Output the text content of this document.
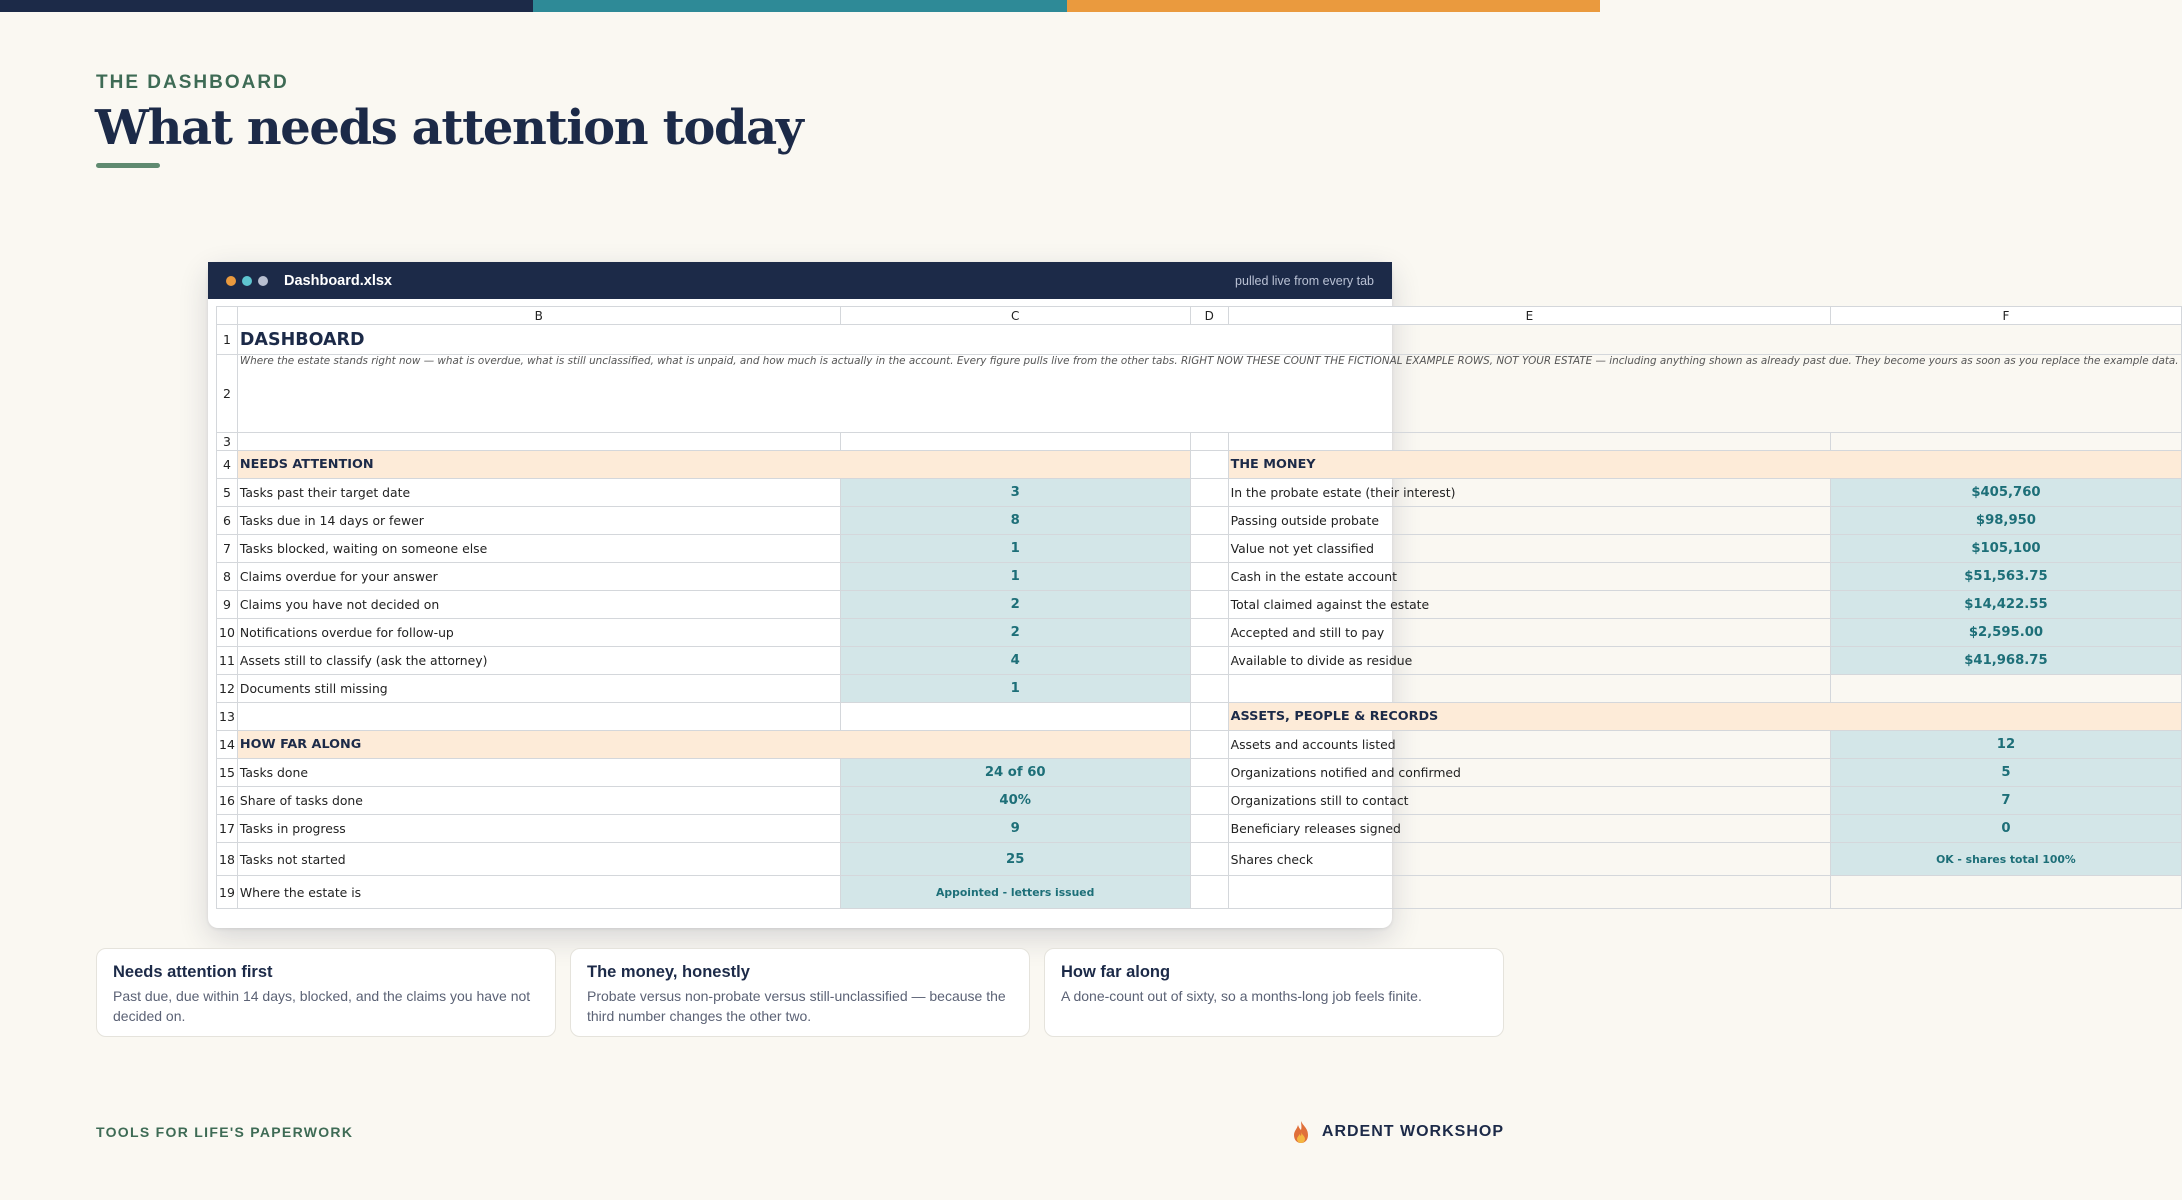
THE DASHBOARD
What needs attention today
Dashboard.xlsx	pulled live from every tab
	B	C	D	E	F
1	DASHBOARD				
2	Where the estate stands right now — what is overdue, what is still unclassified, what is unpaid, and how much is actually in the account. Every figure pulls live from the other tabs. RIGHT NOW THESE COUNT THE FICTIONAL EXAMPLE ROWS, NOT YOUR ESTATE — including anything shown as already past due. They become yours as soon as you replace the example data.				
3					
4	NEEDS ATTENTION			THE MONEY	
5	Tasks past their target date	3		In the probate estate (their interest)	$405,760
6	Tasks due in 14 days or fewer	8		Passing outside probate	$98,950
7	Tasks blocked, waiting on someone else	1		Value not yet classified	$105,100
8	Claims overdue for your answer	1		Cash in the estate account	$51,563.75
9	Claims you have not decided on	2		Total claimed against the estate	$14,422.55
10	Notifications overdue for follow-up	2		Accepted and still to pay	$2,595.00
11	Assets still to classify (ask the attorney)	4		Available to divide as residue	$41,968.75
12	Documents still missing	1			
13				ASSETS, PEOPLE & RECORDS	
14	HOW FAR ALONG			Assets and accounts listed	12
15	Tasks done	24 of 60		Organizations notified and confirmed	5
16	Share of tasks done	40%		Organizations still to contact	7
17	Tasks in progress	9		Beneficiary releases signed	0
18	Tasks not started	25		Shares check	OK - shares total 100%
19	Where the estate is	Appointed - letters issued			
Needs attention first
Past due, due within 14 days, blocked, and the claims you have not decided on.
The money, honestly
Probate versus non-probate versus still-unclassified — because the third number changes the other two.
How far along
A done-count out of sixty, so a months-long job feels finite.
TOOLS FOR LIFE'S PAPERWORK	ARDENT WORKSHOP
